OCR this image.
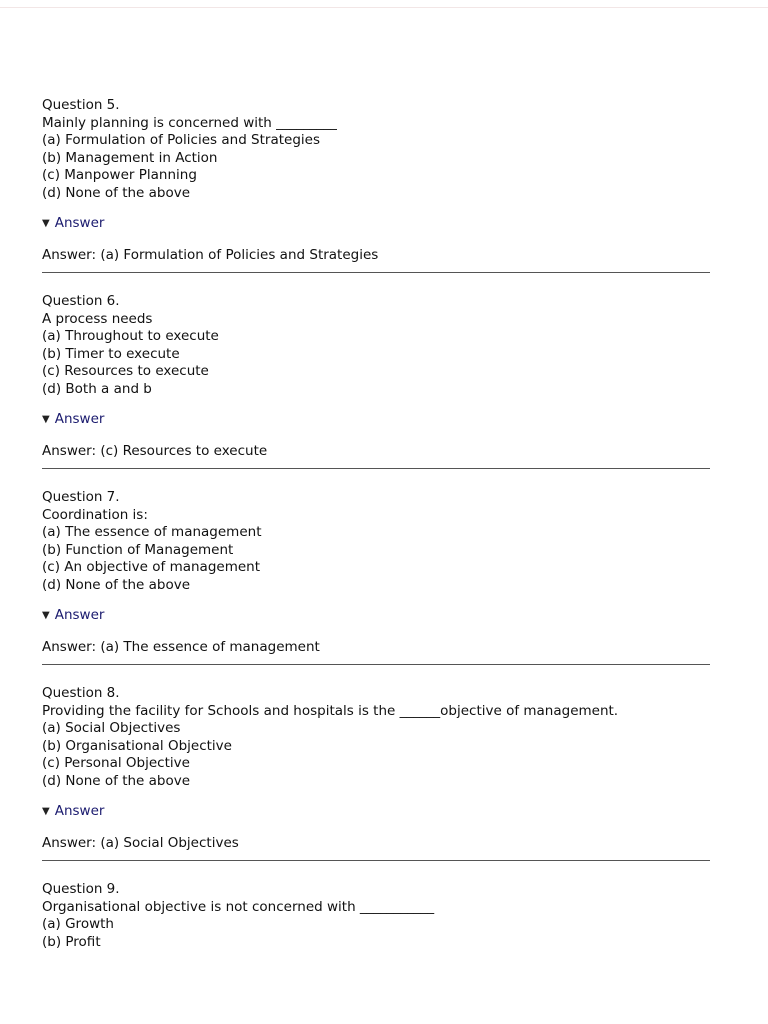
Question 5.
Mainly planning is concerned with _________
(a) Formulation of Policies and Strategies
(b) Management in Action
(c) Manpower Planning
(d) None of the above
▼ Answer
Answer: (a) Formulation of Policies and Strategies
Question 6.
A process needs
(a) Throughout to execute
(b) Timer to execute
(c) Resources to execute
(d) Both a and b
▼ Answer
Answer: (c) Resources to execute
Question 7.
Coordination is:
(a) The essence of management
(b) Function of Management
(c) An objective of management
(d) None of the above
▼ Answer
Answer: (a) The essence of management
Question 8.
Providing the facility for Schools and hospitals is the ______objective of management.
(a) Social Objectives
(b) Organisational Objective
(c) Personal Objective
(d) None of the above
▼ Answer
Answer: (a) Social Objectives
Question 9.
Organisational objective is not concerned with ___________
(a) Growth
(b) Profit
